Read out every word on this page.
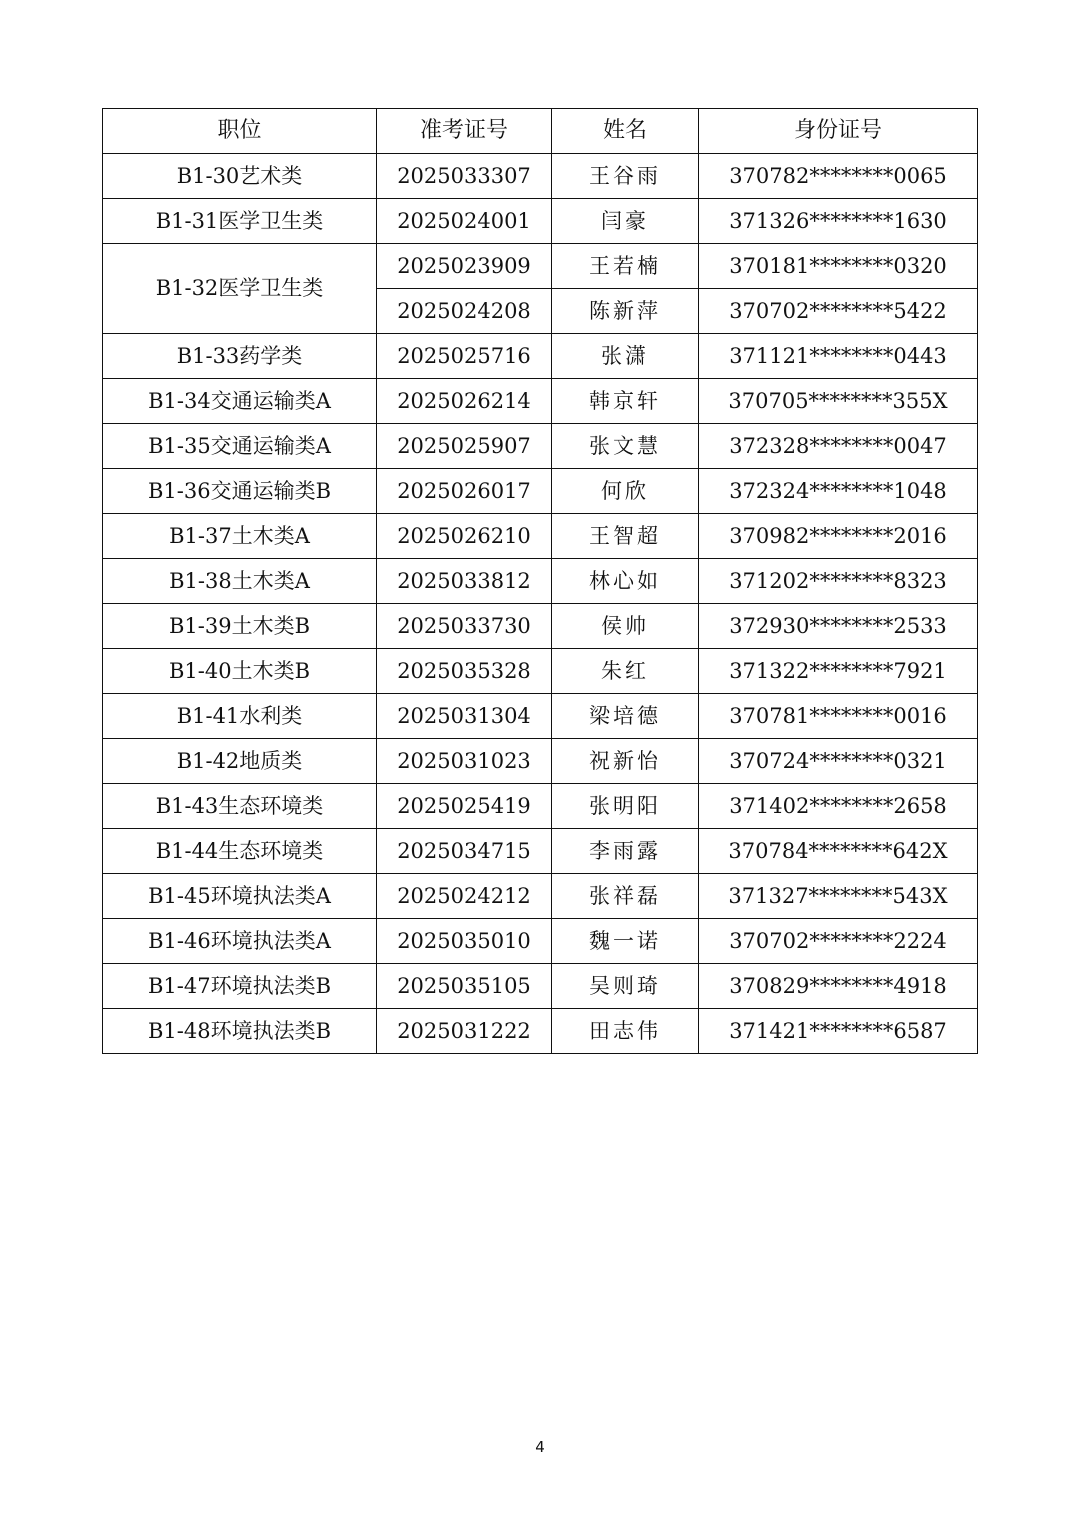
职位	准考证号	姓名	身份证号
B1-30艺术类	2025033307	王谷雨	370782********0065
B1-31医学卫生类	2025024001	闫豪	371326********1630
B1-32医学卫生类	2025023909	王若楠	370181********0320
	2025024208	陈新萍	370702********5422
B1-33药学类	2025025716	张潇	371121********0443
B1-34交通运输类A	2025026214	韩京轩	370705********355X
B1-35交通运输类A	2025025907	张文慧	372328********0047
B1-36交通运输类B	2025026017	何欣	372324********1048
B1-37土木类A	2025026210	王智超	370982********2016
B1-38土木类A	2025033812	林心如	371202********8323
B1-39土木类B	2025033730	侯帅	372930********2533
B1-40土木类B	2025035328	朱红	371322********7921
B1-41水利类	2025031304	梁培德	370781********0016
B1-42地质类	2025031023	祝新怡	370724********0321
B1-43生态环境类	2025025419	张明阳	371402********2658
B1-44生态环境类	2025034715	李雨露	370784********642X
B1-45环境执法类A	2025024212	张祥磊	371327********543X
B1-46环境执法类A	2025035010	魏一诺	370702********2224
B1-47环境执法类B	2025035105	吴则琦	370829********4918
B1-48环境执法类B	2025031222	田志伟	371421********6587
4
